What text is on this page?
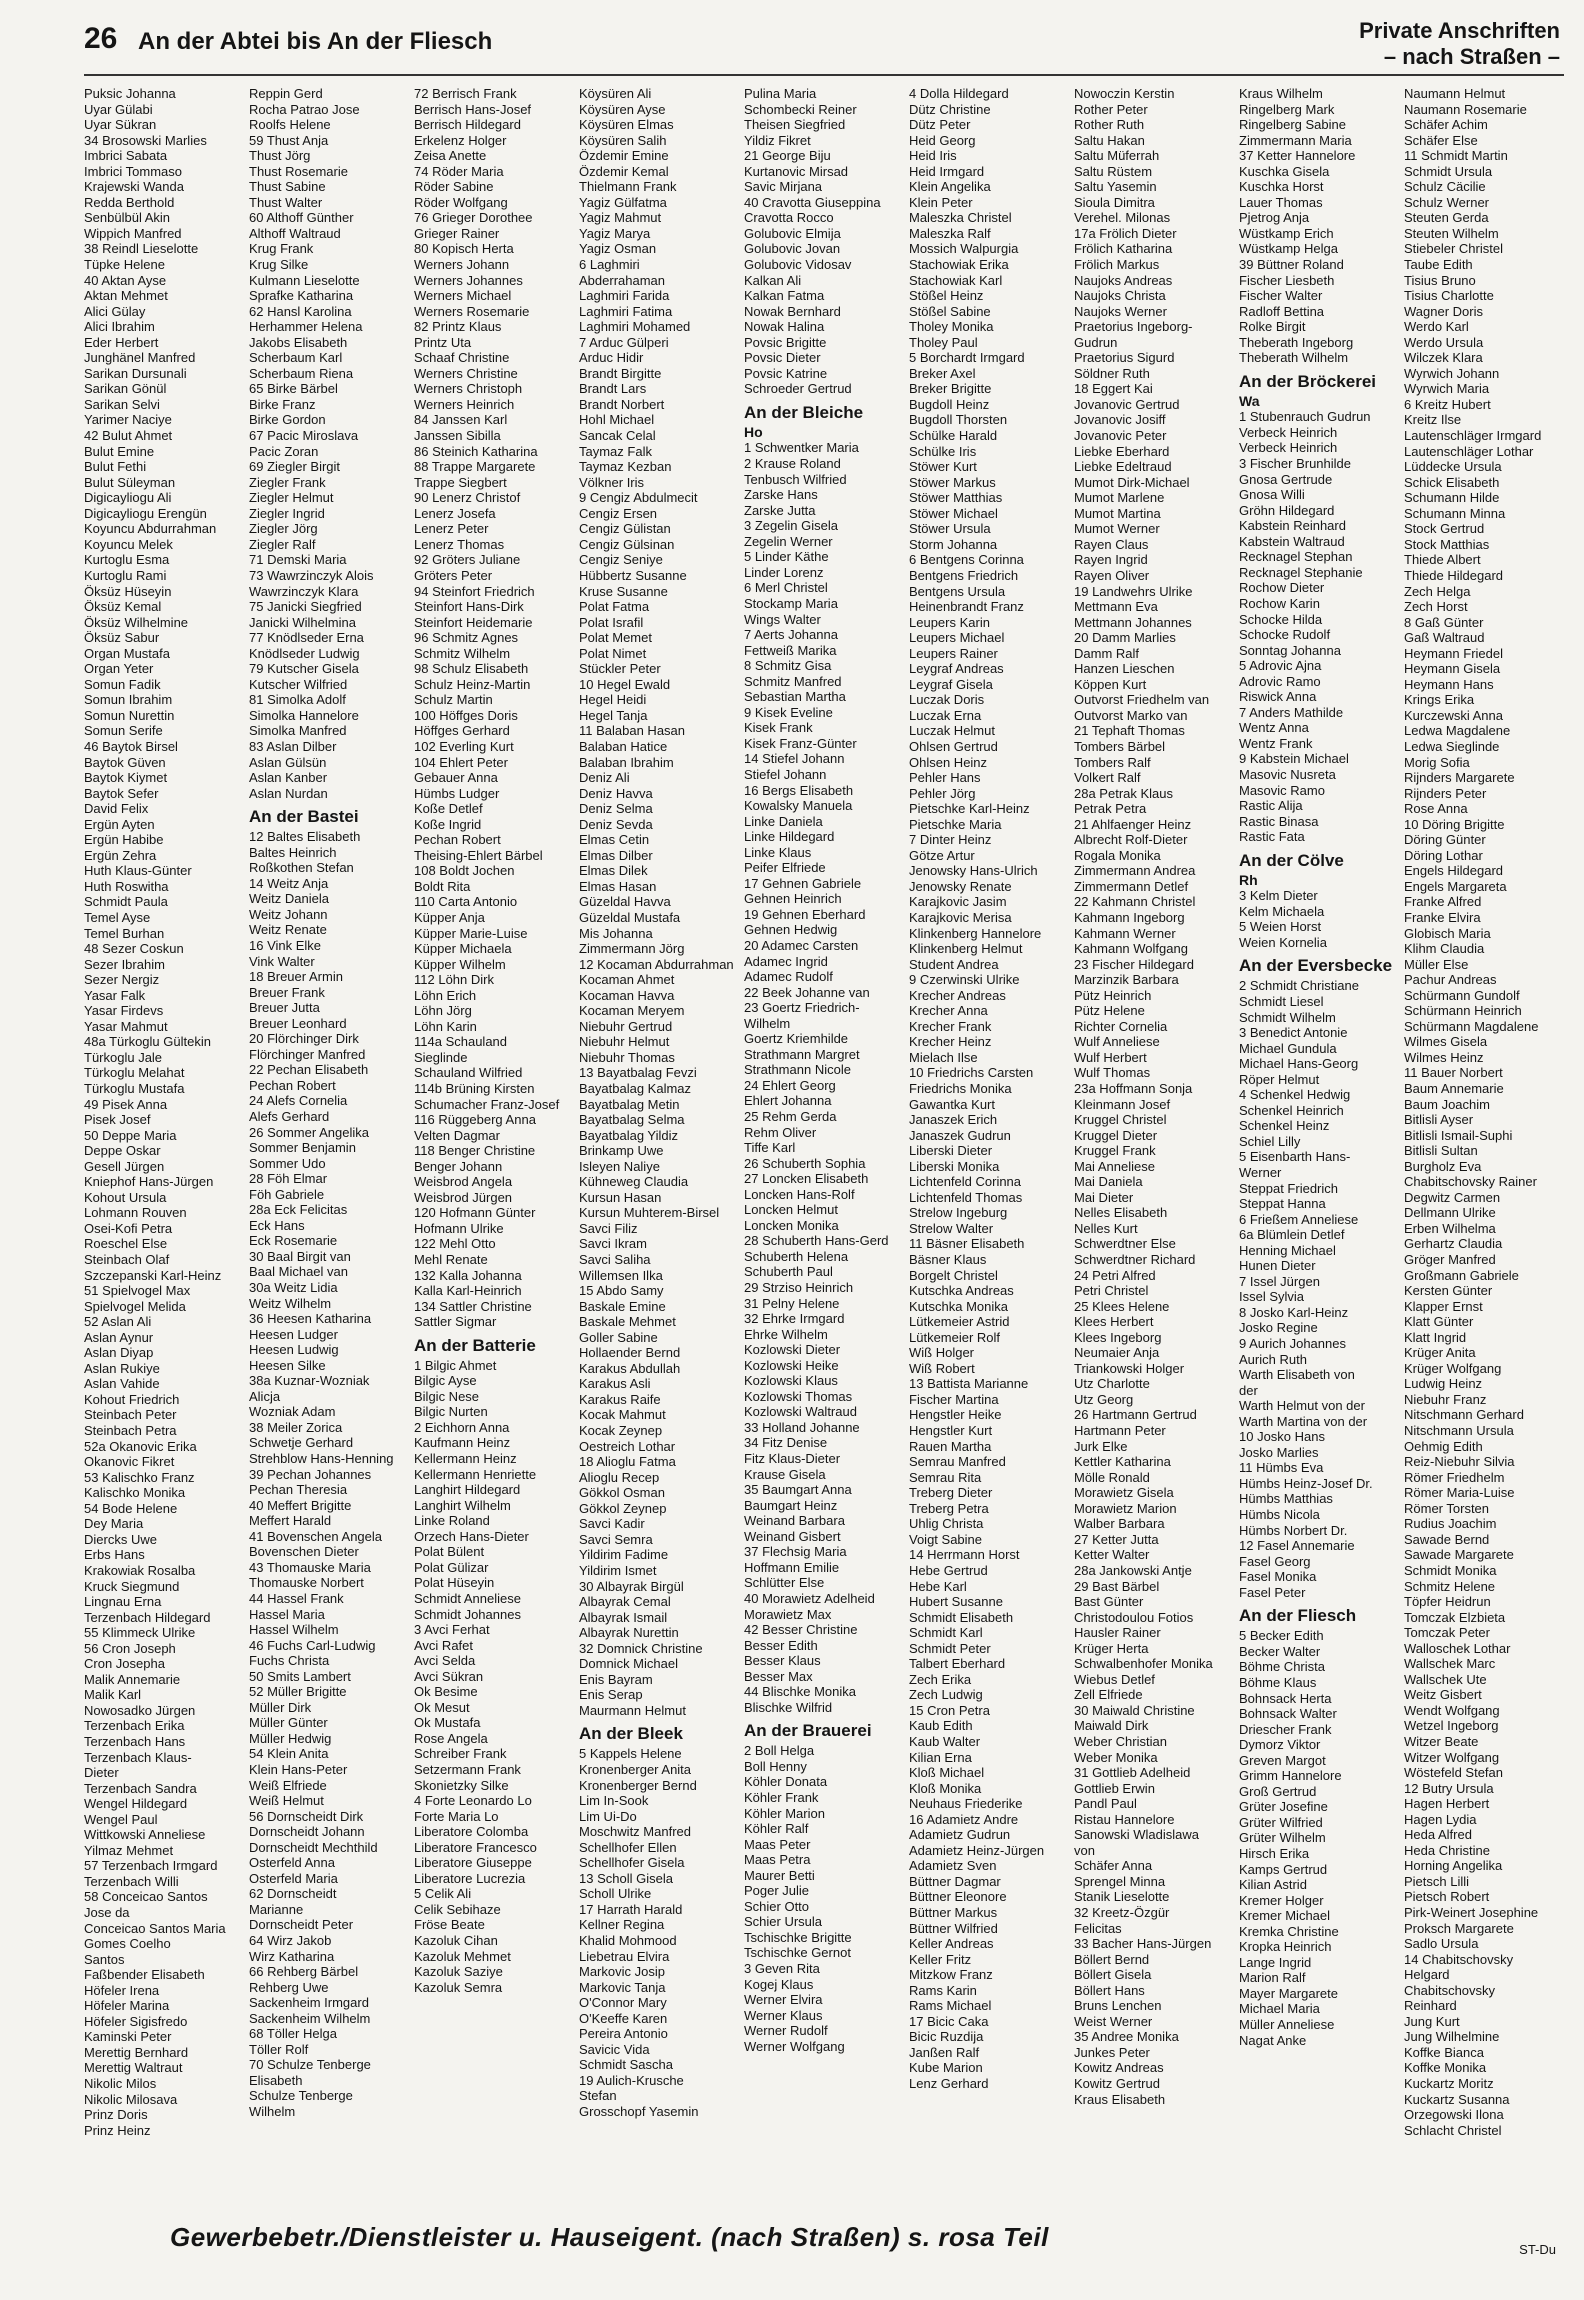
26 An der Abtei bis An der Fliesch	Private Anschriften
– nach Straßen –
Puksic Johanna
Uyar Gülabi
Uyar Sükran
34 Brosowski Marlies
Imbrici Sabata
Imbrici Tommaso
Krajewski Wanda
Redda Berthold
Senbülbül Akin
Wippich Manfred
38 Reindl Lieselotte
Tüpke Helene
40 Aktan Ayse
Aktan Mehmet
Alici Gülay
Alici Ibrahim
Eder Herbert
Junghänel Manfred
Sarikan Dursunali
Sarikan Gönül
Sarikan Selvi
Yarimer Naciye
42 Bulut Ahmet
Bulut Emine
Bulut Fethi
Bulut Süleyman
Digicayliogu Ali
Digicayliogu Erengün
Koyuncu Abdurrahman
Koyuncu Melek
Kurtoglu Esma
Kurtoglu Rami
Öksüz Hüseyin
Öksüz Kemal
Öksüz Wilhelmine
Öksüz Sabur
Organ Mustafa
Organ Yeter
Somun Fadik
Somun Ibrahim
Somun Nurettin
Somun Serife
46 Baytok Birsel
Baytok Güven
Baytok Kiymet
Baytok Sefer
David Felix
Ergün Ayten
Ergün Habibe
Ergün Zehra
Huth Klaus-Günter
Huth Roswitha
Schmidt Paula
Temel Ayse
Temel Burhan
48 Sezer Coskun
Sezer Ibrahim
Sezer Nergiz
Yasar Falk
Yasar Firdevs
Yasar Mahmut
48a Türkoglu Gültekin
Türkoglu Jale
Türkoglu Melahat
Türkoglu Mustafa
49 Pisek Anna
Pisek Josef
50 Deppe Maria
Deppe Oskar
Gesell Jürgen
Kniephof Hans-Jürgen
Kohout Ursula
Lohmann Rouven
Osei-Kofi Petra
Roeschel Else
Steinbach Olaf
Szczepanski Karl-Heinz
51 Spielvogel Max
Spielvogel Melida
52 Aslan Ali
Aslan Aynur
Aslan Diyap
Aslan Rukiye
Aslan Vahide
Kohout Friedrich
Steinbach Peter
Steinbach Petra
52a Okanovic Erika
Okanovic Fikret
53 Kalischko Franz
Kalischko Monika
54 Bode Helene
Dey Maria
Diercks Uwe
Erbs Hans
Krakowiak Rosalba
Kruck Siegmund
Lingnau Erna
Terzenbach Hildegard
55 Klimmeck Ulrike
56 Cron Joseph
Cron Josepha
Malik Annemarie
Malik Karl
Nowosadko Jürgen
Terzenbach Erika
Terzenbach Hans
Terzenbach Klaus-
Dieter
Terzenbach Sandra
Wengel Hildegard
Wengel Paul
Wittkowski Anneliese
Yilmaz Mehmet
57 Terzenbach Irmgard
Terzenbach Willi
58 Conceicao Santos
Jose da
Conceicao Santos Maria
Gomes Coelho
Santos
Faßbender Elisabeth
Höfeler Irena
Höfeler Marina
Höfeler Sigisfredo
Kaminski Peter
Merettig Bernhard
Merettig Waltraut
Nikolic Milos
Nikolic Milosava
Prinz Doris
Prinz Heinz
Reppin Gerd
Rocha Patrao Jose
Roolfs Helene
59 Thust Anja
Thust Jörg
Thust Rosemarie
Thust Sabine
Thust Walter
60 Althoff Günther
Althoff Waltraud
Krug Frank
Krug Silke
Kulmann Lieselotte
Sprafke Katharina
62 Hansl Karolina
Herhammer Helena
Jakobs Elisabeth
Scherbaum Karl
Scherbaum Riena
65 Birke Bärbel
Birke Franz
Birke Gordon
67 Pacic Miroslava
Pacic Zoran
69 Ziegler Birgit
Ziegler Frank
Ziegler Helmut
Ziegler Ingrid
Ziegler Jörg
Ziegler Ralf
71 Demski Maria
73 Wawrzinczyk Alois
Wawrzinczyk Klara
75 Janicki Siegfried
Janicki Wilhelmina
77 Knödlseder Erna
Knödlseder Ludwig
79 Kutscher Gisela
Kutscher Wilfried
81 Simolka Adolf
Simolka Hannelore
Simolka Manfred
83 Aslan Dilber
Aslan Gülsün
Aslan Kanber
Aslan Nurdan
An der Bastei
12 Baltes Elisabeth
Baltes Heinrich
Roßkothen Stefan
14 Weitz Anja
Weitz Daniela
Weitz Johann
Weitz Renate
16 Vink Elke
Vink Walter
18 Breuer Armin
Breuer Frank
Breuer Jutta
Breuer Leonhard
20 Flörchinger Dirk
Flörchinger Manfred
22 Pechan Elisabeth
Pechan Robert
24 Alefs Cornelia
Alefs Gerhard
26 Sommer Angelika
Sommer Benjamin
Sommer Udo
28 Föh Elmar
Föh Gabriele
28a Eck Felicitas
Eck Hans
Eck Rosemarie
30 Baal Birgit van
Baal Michael van
30a Weitz Lidia
Weitz Wilhelm
36 Heesen Katharina
Heesen Ludger
Heesen Ludwig
Heesen Silke
38a Kuznar-Wozniak
Alicja
Wozniak Adam
38 Meiler Zorica
Schwetje Gerhard
Strehblow Hans-Henning
39 Pechan Johannes
Pechan Theresia
40 Meffert Brigitte
Meffert Harald
41 Bovenschen Angela
Bovenschen Dieter
43 Thomauske Maria
Thomauske Norbert
44 Hassel Frank
Hassel Maria
Hassel Wilhelm
46 Fuchs Carl-Ludwig
Fuchs Christa
50 Smits Lambert
52 Müller Brigitte
Müller Dirk
Müller Günter
Müller Hedwig
54 Klein Anita
Klein Hans-Peter
Weiß Elfriede
Weiß Helmut
56 Dornscheidt Dirk
Dornscheidt Johann
Dornscheidt Mechthild
Osterfeld Anna
Osterfeld Maria
62 Dornscheidt
Marianne
Dornscheidt Peter
64 Wirz Jakob
Wirz Katharina
66 Rehberg Bärbel
Rehberg Uwe
Sackenheim Irmgard
Sackenheim Wilhelm
68 Töller Helga
Töller Rolf
70 Schulze Tenberge
Elisabeth
Schulze Tenberge
Wilhelm
72 Berrisch Frank
Berrisch Hans-Josef
Berrisch Hildegard
Erkelenz Holger
Zeisa Anette
74 Röder Maria
Röder Sabine
Röder Wolfgang
76 Grieger Dorothee
Grieger Rainer
80 Kopisch Herta
Werners Johann
Werners Johannes
Werners Michael
Werners Rosemarie
82 Printz Klaus
Printz Uta
Schaaf Christine
Werners Christine
Werners Christoph
Werners Heinrich
84 Janssen Karl
Janssen Sibilla
86 Steinich Katharina
88 Trappe Margarete
Trappe Siegbert
90 Lenerz Christof
Lenerz Josefa
Lenerz Peter
Lenerz Thomas
92 Gröters Juliane
Gröters Peter
94 Steinfort Friedrich
Steinfort Hans-Dirk
Steinfort Heidemarie
96 Schmitz Agnes
Schmitz Wilhelm
98 Schulz Elisabeth
Schulz Heinz-Martin
Schulz Martin
100 Höffges Doris
Höffges Gerhard
102 Everling Kurt
104 Ehlert Peter
Gebauer Anna
Hümbs Ludger
Koße Detlef
Koße Ingrid
Pechan Robert
Theising-Ehlert Bärbel
108 Boldt Jochen
Boldt Rita
110 Carta Antonio
Küpper Anja
Küpper Marie-Luise
Küpper Michaela
Küpper Wilhelm
112 Löhn Dirk
Löhn Erich
Löhn Jörg
Löhn Karin
114a Schauland
Sieglinde
Schauland Wilfried
114b Brüning Kirsten
Schumacher Franz-Josef
116 Rüggeberg Anna
Velten Dagmar
118 Benger Christine
Benger Johann
Weisbrod Angela
Weisbrod Jürgen
120 Hofmann Günter
Hofmann Ulrike
122 Mehl Otto
Mehl Renate
132 Kalla Johanna
Kalla Karl-Heinrich
134 Sattler Christine
Sattler Sigmar
An der Batterie
1 Bilgic Ahmet
Bilgic Ayse
Bilgic Nese
Bilgic Nurten
2 Eichhorn Anna
Kaufmann Heinz
Kellermann Heinz
Kellermann Henriette
Langhirt Hildegard
Langhirt Wilhelm
Linke Roland
Orzech Hans-Dieter
Polat Bülent
Polat Gülizar
Polat Hüseyin
Schmidt Anneliese
Schmidt Johannes
3 Avci Ferhat
Avci Rafet
Avci Selda
Avci Sükran
Ok Besime
Ok Mesut
Ok Mustafa
Rose Angela
Schreiber Frank
Setzermann Frank
Skonietzky Silke
4 Forte Leonardo Lo
Forte Maria Lo
Liberatore Colomba
Liberatore Francesco
Liberatore Giuseppe
Liberatore Lucrezia
5 Celik Ali
Celik Sebihaze
Fröse Beate
Kazoluk Cihan
Kazoluk Mehmet
Kazoluk Saziye
Kazoluk Semra
Köysüren Ali
Köysüren Ayse
Köysüren Elmas
Köysüren Salih
Özdemir Emine
Özdemir Kemal
Thielmann Frank
Yagiz Gülfatma
Yagiz Mahmut
Yagiz Marya
Yagiz Osman
6 Laghmiri
Abderrahaman
Laghmiri Farida
Laghmiri Fatima
Laghmiri Mohamed
7 Arduc Gülperi
Arduc Hidir
Brandt Birgitte
Brandt Lars
Brandt Norbert
Hohl Michael
Sancak Celal
Taymaz Falk
Taymaz Kezban
Völkner Iris
9 Cengiz Abdulmecit
Cengiz Ersen
Cengiz Gülistan
Cengiz Gülsinan
Cengiz Seniye
Hübbertz Susanne
Kruse Susanne
Polat Fatma
Polat Israfil
Polat Memet
Polat Nimet
Stückler Peter
10 Hegel Ewald
Hegel Heidi
Hegel Tanja
11 Balaban Hasan
Balaban Hatice
Balaban Ibrahim
Deniz Ali
Deniz Havva
Deniz Selma
Deniz Sevda
Elmas Cetin
Elmas Dilber
Elmas Dilek
Elmas Hasan
Güzeldal Havva
Güzeldal Mustafa
Mis Johanna
Zimmermann Jörg
12 Kocaman Abdurrahman
Kocaman Ahmet
Kocaman Havva
Kocaman Meryem
Niebuhr Gertrud
Niebuhr Helmut
Niebuhr Thomas
13 Bayatbalag Fevzi
Bayatbalag Kalmaz
Bayatbalag Metin
Bayatbalag Selma
Bayatbalag Yildiz
Brinkamp Uwe
Isleyen Naliye
Kühneweg Claudia
Kursun Hasan
Kursun Muhterem-Birsel
Savci Filiz
Savci Ikram
Savci Saliha
Willemsen Ilka
15 Abdo Samy
Baskale Emine
Baskale Mehmet
Goller Sabine
Hollaender Bernd
Karakus Abdullah
Karakus Asli
Karakus Raife
Kocak Mahmut
Kocak Zeynep
Oestreich Lothar
18 Alioglu Fatma
Alioglu Recep
Gökkol Osman
Gökkol Zeynep
Savci Kadir
Savci Semra
Yildirim Fadime
Yildirim Ismet
30 Albayrak Birgül
Albayrak Cemal
Albayrak Ismail
Albayrak Nurettin
32 Domnick Christine
Domnick Michael
Enis Bayram
Enis Serap
Maurmann Helmut
An der Bleek
5 Kappels Helene
Kronenberger Anita
Kronenberger Bernd
Lim In-Sook
Lim Ui-Do
Moschwitz Manfred
Schellhofer Ellen
Schellhofer Gisela
13 Scholl Gisela
Scholl Ulrike
17 Harrath Harald
Kellner Regina
Khalid Mohmood
Liebetrau Elvira
Markovic Josip
Markovic Tanja
O'Connor Mary
O'Keeffe Karen
Pereira Antonio
Savicic Vida
Schmidt Sascha
19 Aulich-Krusche
Stefan
Grosschopf Yasemin
Pulina Maria
Schombecki Reiner
Theisen Siegfried
Yildiz Fikret
21 George Biju
Kurtanovic Mirsad
Savic Mirjana
40 Cravotta Giuseppina
Cravotta Rocco
Golubovic Elmija
Golubovic Jovan
Golubovic Vidosav
Kalkan Ali
Kalkan Fatma
Nowak Bernhard
Nowak Halina
Povsic Brigitte
Povsic Dieter
Povsic Katrine
Schroeder Gertrud
An der Bleiche
Ho
1 Schwentker Maria
2 Krause Roland
Tenbusch Wilfried
Zarske Hans
Zarske Jutta
3 Zegelin Gisela
Zegelin Werner
5 Linder Käthe
Linder Lorenz
6 Merl Christel
Stockamp Maria
Wings Walter
7 Aerts Johanna
Fettweiß Marika
8 Schmitz Gisa
Schmitz Manfred
Sebastian Martha
9 Kisek Eveline
Kisek Frank
Kisek Franz-Günter
14 Stiefel Johann
Stiefel Johann
16 Bergs Elisabeth
Kowalsky Manuela
Linke Daniela
Linke Hildegard
Linke Klaus
Peifer Elfriede
17 Gehnen Gabriele
Gehnen Heinrich
19 Gehnen Eberhard
Gehnen Hedwig
20 Adamec Carsten
Adamec Ingrid
Adamec Rudolf
22 Beek Johanne van
23 Goertz Friedrich-
Wilhelm
Goertz Kriemhilde
Strathmann Margret
Strathmann Nicole
24 Ehlert Georg
Ehlert Johanna
25 Rehm Gerda
Rehm Oliver
Tiffe Karl
26 Schuberth Sophia
27 Loncken Elisabeth
Loncken Hans-Rolf
Loncken Helmut
Loncken Monika
28 Schuberth Hans-Gerd
Schuberth Helena
Schuberth Paul
29 Strziso Heinrich
31 Pelny Helene
32 Ehrke Irmgard
Ehrke Wilhelm
Kozlowski Dieter
Kozlowski Heike
Kozlowski Klaus
Kozlowski Thomas
Kozlowski Waltraud
33 Holland Johanne
34 Fitz Denise
Fitz Klaus-Dieter
Krause Gisela
35 Baumgart Anna
Baumgart Heinz
Weinand Barbara
Weinand Gisbert
37 Flechsig Maria
Hoffmann Emilie
Schlütter Else
40 Morawietz Adelheid
Morawietz Max
42 Besser Christine
Besser Edith
Besser Klaus
Besser Max
44 Blischke Monika
Blischke Wilfrid
An der Brauerei
2 Boll Helga
Boll Henny
Köhler Donata
Köhler Frank
Köhler Marion
Köhler Ralf
Maas Peter
Maas Petra
Maurer Betti
Poger Julie
Schier Otto
Schier Ursula
Tschischke Brigitte
Tschischke Gernot
3 Geven Rita
Kogej Klaus
Werner Elvira
Werner Klaus
Werner Rudolf
Werner Wolfgang
4 Dolla Hildegard
Dütz Christine
Dütz Peter
Heid Georg
Heid Iris
Heid Irmgard
Klein Angelika
Klein Peter
Maleszka Christel
Maleszka Ralf
Mossich Walpurgia
Stachowiak Erika
Stachowiak Karl
Stößel Heinz
Stößel Sabine
Tholey Monika
Tholey Paul
5 Borchardt Irmgard
Breker Axel
Breker Brigitte
Bugdoll Heinz
Bugdoll Thorsten
Schülke Harald
Schülke Iris
Stöwer Kurt
Stöwer Markus
Stöwer Matthias
Stöwer Michael
Stöwer Ursula
Storm Johanna
6 Bentgens Corinna
Bentgens Friedrich
Bentgens Ursula
Heinenbrandt Franz
Leupers Karin
Leupers Michael
Leupers Rainer
Leygraf Andreas
Leygraf Gisela
Luczak Doris
Luczak Erna
Luczak Helmut
Ohlsen Gertrud
Ohlsen Heinz
Pehler Hans
Pehler Jörg
Pietschke Karl-Heinz
Pietschke Maria
7 Dinter Heinz
Götze Artur
Jenowsky Hans-Ulrich
Jenowsky Renate
Karajkovic Jasim
Karajkovic Merisa
Klinkenberg Hannelore
Klinkenberg Helmut
Student Andrea
9 Czerwinski Ulrike
Krecher Andreas
Krecher Anna
Krecher Frank
Krecher Heinz
Mielach Ilse
10 Friedrichs Carsten
Friedrichs Monika
Gawantka Kurt
Janaszek Erich
Janaszek Gudrun
Liberski Dieter
Liberski Monika
Lichtenfeld Corinna
Lichtenfeld Thomas
Strelow Ingeburg
Strelow Walter
11 Bäsner Elisabeth
Bäsner Klaus
Borgelt Christel
Kutschka Andreas
Kutschka Monika
Lütkemeier Astrid
Lütkemeier Rolf
Wiß Holger
Wiß Robert
13 Battista Marianne
Fischer Martina
Hengstler Heike
Hengstler Kurt
Rauen Martha
Semrau Manfred
Semrau Rita
Treberg Dieter
Treberg Petra
Uhlig Christa
Voigt Sabine
14 Herrmann Horst
Hebe Gertrud
Hebe Karl
Hubert Susanne
Schmidt Elisabeth
Schmidt Karl
Schmidt Peter
Talbert Eberhard
Zech Erika
Zech Ludwig
15 Cron Petra
Kaub Edith
Kaub Walter
Kilian Erna
Kloß Michael
Kloß Monika
Neuhaus Friederike
16 Adamietz Andre
Adamietz Gudrun
Adamietz Heinz-Jürgen
Adamietz Sven
Büttner Dagmar
Büttner Eleonore
Büttner Markus
Büttner Wilfried
Keller Andreas
Keller Fritz
Mitzkow Franz
Rams Karin
Rams Michael
17 Bicic Caka
Bicic Ruzdija
Janßen Ralf
Kube Marion
Lenz Gerhard
Nowoczin Kerstin
Rother Peter
Rother Ruth
Saltu Hakan
Saltu Müferrah
Saltu Rüstem
Saltu Yasemin
Sioula Dimitra
Verehel. Milonas
17a Frölich Dieter
Frölich Katharina
Frölich Markus
Naujoks Andreas
Naujoks Christa
Naujoks Werner
Praetorius Ingeborg-
Gudrun
Praetorius Sigurd
Söldner Ruth
18 Eggert Kai
Jovanovic Gertrud
Jovanovic Josiff
Jovanovic Peter
Liebke Eberhard
Liebke Edeltraud
Mumot Dirk-Michael
Mumot Marlene
Mumot Martina
Mumot Werner
Rayen Claus
Rayen Ingrid
Rayen Oliver
19 Landwehrs Ulrike
Mettmann Eva
Mettmann Johannes
20 Damm Marlies
Damm Ralf
Hanzen Lieschen
Köppen Kurt
Outvorst Friedhelm van
Outvorst Marko van
21 Tephaft Thomas
Tombers Bärbel
Tombers Ralf
Volkert Ralf
28a Petrak Klaus
Petrak Petra
21 Ahlfaenger Heinz
Albrecht Rolf-Dieter
Rogala Monika
Zimmermann Andrea
Zimmermann Detlef
22 Kahmann Christel
Kahmann Ingeborg
Kahmann Werner
Kahmann Wolfgang
23 Fischer Hildegard
Marzinzik Barbara
Pütz Heinrich
Pütz Helene
Richter Cornelia
Wulf Anneliese
Wulf Herbert
Wulf Thomas
23a Hoffmann Sonja
Kleinmann Josef
Kruggel Christel
Kruggel Dieter
Kruggel Frank
Mai Anneliese
Mai Daniela
Mai Dieter
Nelles Elisabeth
Nelles Kurt
Schwerdtner Else
Schwerdtner Richard
24 Petri Alfred
Petri Christel
25 Klees Helene
Klees Herbert
Klees Ingeborg
Neumaier Anja
Triankowski Holger
Utz Charlotte
Utz Georg
26 Hartmann Gertrud
Hartmann Peter
Jurk Elke
Kettler Katharina
Mölle Ronald
Morawietz Gisela
Morawietz Marion
Walber Barbara
27 Ketter Jutta
Ketter Walter
28a Jankowski Antje
29 Bast Bärbel
Bast Günter
Christodoulou Fotios
Hausler Rainer
Krüger Herta
Schwalbenhofer Monika
Wiebus Detlef
Zell Elfriede
30 Maiwald Christine
Maiwald Dirk
Weber Christian
Weber Monika
31 Gottlieb Adelheid
Gottlieb Erwin
Pandl Paul
Ristau Hannelore
Sanowski Wladislawa
von
Schäfer Anna
Sprengel Minna
Stanik Lieselotte
32 Kreetz-Özgür
Felicitas
33 Bacher Hans-Jürgen
Böllert Bernd
Böllert Gisela
Böllert Hans
Bruns Lenchen
Weist Werner
35 Andree Monika
Junkes Peter
Kowitz Andreas
Kowitz Gertrud
Kraus Elisabeth
Kraus Wilhelm
Ringelberg Mark
Ringelberg Sabine
Zimmermann Maria
37 Ketter Hannelore
Kuschka Gisela
Kuschka Horst
Lauer Thomas
Pjetrog Anja
Wüstkamp Erich
Wüstkamp Helga
39 Büttner Roland
Fischer Liesbeth
Fischer Walter
Radloff Bettina
Rolke Birgit
Theberath Ingeborg
Theberath Wilhelm
An der Bröckerei
Wa
1 Stubenrauch Gudrun
Verbeck Heinrich
Verbeck Heinrich
3 Fischer Brunhilde
Gnosa Gertrude
Gnosa Willi
Gröhn Hildegard
Kabstein Reinhard
Kabstein Waltraud
Recknagel Stephan
Recknagel Stephanie
Rochow Dieter
Rochow Karin
Schocke Hilda
Schocke Rudolf
Sonntag Johanna
5 Adrovic Ajna
Adrovic Ramo
Riswick Anna
7 Anders Mathilde
Wentz Anna
Wentz Frank
9 Kabstein Michael
Masovic Nusreta
Masovic Ramo
Rastic Alija
Rastic Binasa
Rastic Fata
An der Cölve
Rh
3 Kelm Dieter
Kelm Michaela
5 Weien Horst
Weien Kornelia
An der Eversbecke
2 Schmidt Christiane
Schmidt Liesel
Schmidt Wilhelm
3 Benedict Antonie
Michael Gundula
Michael Hans-Georg
Röper Helmut
4 Schenkel Hedwig
Schenkel Heinrich
Schenkel Heinz
Schiel Lilly
5 Eisenbarth Hans-
Werner
Steppat Friedrich
Steppat Hanna
6 Frießem Anneliese
6a Blümlein Detlef
Henning Michael
Hunen Dieter
7 Issel Jürgen
Issel Sylvia
8 Josko Karl-Heinz
Josko Regine
9 Aurich Johannes
Aurich Ruth
Warth Elisabeth von
der
Warth Helmut von der
Warth Martina von der
10 Josko Hans
Josko Marlies
11 Hümbs Eva
Hümbs Heinz-Josef Dr.
Hümbs Matthias
Hümbs Nicola
Hümbs Norbert Dr.
12 Fasel Annemarie
Fasel Georg
Fasel Monika
Fasel Peter
An der Fliesch
5 Becker Edith
Becker Walter
Böhme Christa
Böhme Klaus
Bohnsack Herta
Bohnsack Walter
Driescher Frank
Dymorz Viktor
Greven Margot
Grimm Hannelore
Groß Gertrud
Grüter Josefine
Grüter Wilfried
Grüter Wilhelm
Hirsch Erika
Kamps Gertrud
Kilian Astrid
Kremer Holger
Kremer Michael
Kremka Christine
Kropka Heinrich
Lange Ingrid
Marion Ralf
Mayer Margarete
Michael Maria
Müller Anneliese
Nagat Anke
Naumann Helmut
Naumann Rosemarie
Schäfer Achim
Schäfer Else
11 Schmidt Martin
Schmidt Ursula
Schulz Cäcilie
Schulz Werner
Steuten Gerda
Steuten Wilhelm
Stiebeler Christel
Taube Edith
Tisius Bruno
Tisius Charlotte
Wagner Doris
Werdo Karl
Werdo Ursula
Wilczek Klara
Wyrwich Johann
Wyrwich Maria
6 Kreitz Hubert
Kreitz Ilse
Lautenschläger Irmgard
Lautenschläger Lothar
Lüddecke Ursula
Schick Elisabeth
Schumann Hilde
Schumann Minna
Stock Gertrud
Stock Matthias
Thiede Albert
Thiede Hildegard
Zech Helga
Zech Horst
8 Gaß Günter
Gaß Waltraud
Heymann Friedel
Heymann Gisela
Heymann Hans
Krings Erika
Kurczewski Anna
Ledwa Magdalene
Ledwa Sieglinde
Morig Sofia
Rijnders Margarete
Rijnders Peter
Rose Anna
10 Döring Brigitte
Döring Günter
Döring Lothar
Engels Hildegard
Engels Margareta
Franke Alfred
Franke Elvira
Globisch Maria
Klihm Claudia
Müller Else
Pachur Andreas
Schürmann Gundolf
Schürmann Heinrich
Schürmann Magdalene
Wilmes Gisela
Wilmes Heinz
11 Bauer Norbert
Baum Annemarie
Baum Joachim
Bitlisli Ayser
Bitlisli Ismail-Suphi
Bitlisli Sultan
Burgholz Eva
Chabitschovsky Rainer
Degwitz Carmen
Dellmann Ulrike
Erben Wilhelma
Gerhartz Claudia
Gröger Manfred
Großmann Gabriele
Kersten Günter
Klapper Ernst
Klatt Günter
Klatt Ingrid
Krüger Anita
Krüger Wolfgang
Ludwig Heinz
Niebuhr Franz
Nitschmann Gerhard
Nitschmann Ursula
Oehmig Edith
Reiz-Niebuhr Silvia
Römer Friedhelm
Römer Maria-Luise
Römer Torsten
Rudius Joachim
Sawade Bernd
Sawade Margarete
Schmidt Monika
Schmitz Helene
Töpfer Heidrun
Tomczak Elzbieta
Tomczak Peter
Walloschek Lothar
Wallschek Marc
Wallschek Ute
Weitz Gisbert
Wendt Wolfgang
Wetzel Ingeborg
Witzer Beate
Witzer Wolfgang
Wöstefeld Stefan
12 Butry Ursula
Hagen Herbert
Hagen Lydia
Heda Alfred
Heda Christine
Horning Angelika
Pietsch Lilli
Pietsch Robert
Pirk-Weinert Josephine
Proksch Margarete
Sadlo Ursula
14 Chabitschovsky
Helgard
Chabitschovsky
Reinhard
Jung Kurt
Jung Wilhelmine
Koffke Bianca
Koffke Monika
Kuckartz Moritz
Kuckartz Susanna
Orzegowski Ilona
Schlacht Christel
Gewerbebetr./Dienstleister u. Hauseigent. (nach Straßen) s. rosa Teil	ST-Du
